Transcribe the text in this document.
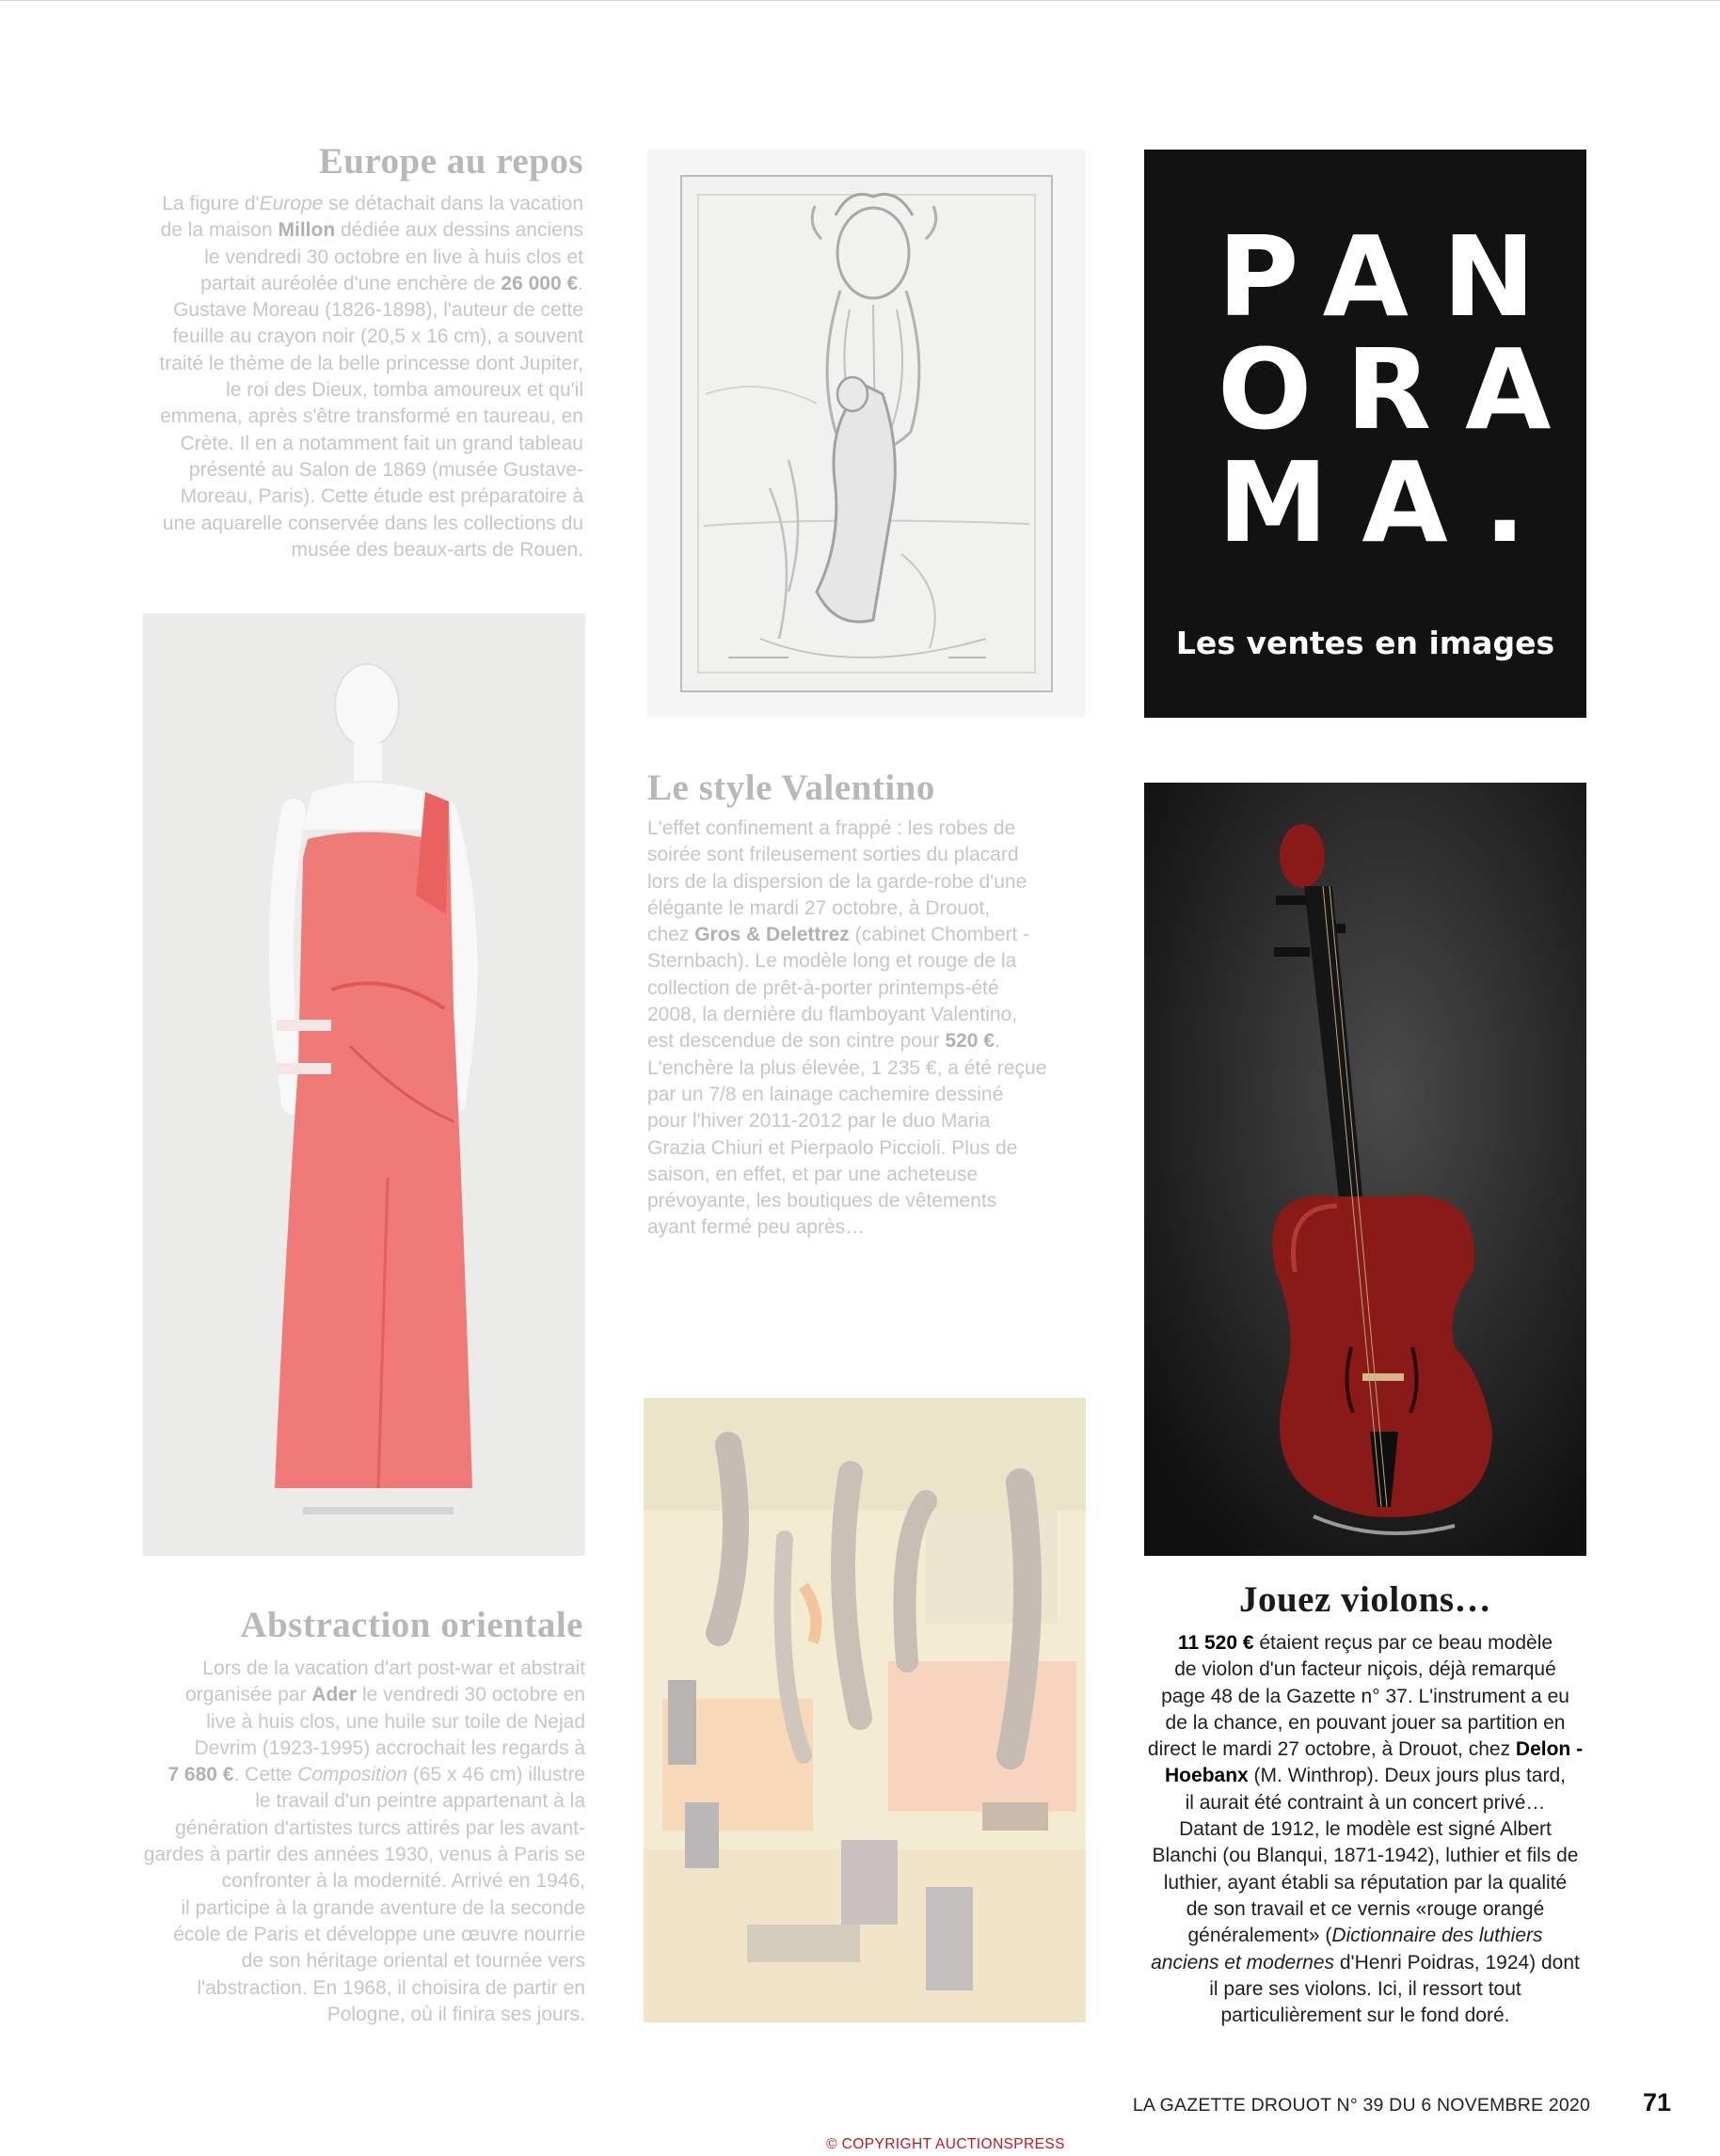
Europe au repos
La figure d'Europe se détachait dans la vacation
de la maison Millon dédiée aux dessins anciens
le vendredi 30 octobre en live à huis clos et
partait auréolée d'une enchère de 26 000 €.
Gustave Moreau (1826-1898), l'auteur de cette
feuille au crayon noir (20,5 x 16 cm), a souvent
traité le thème de la belle princesse dont Jupiter,
le roi des Dieux, tomba amoureux et qu'il
emmena, après s'être transformé en taureau, en
Crète. Il en a notamment fait un grand tableau
présenté au Salon de 1869 (musée Gustave-
Moreau, Paris). Cette étude est préparatoire à
une aquarelle conservée dans les collections du
musée des beaux-arts de Rouen.
PAN
ORA
MA.
Les ventes en images
Le style Valentino
L'effet confinement a frappé : les robes de
soirée sont frileusement sorties du placard
lors de la dispersion de la garde-robe d'une
élégante le mardi 27 octobre, à Drouot,
chez Gros & Delettrez (cabinet Chombert -
Sternbach). Le modèle long et rouge de la
collection de prêt-à-porter printemps-été
2008, la dernière du flamboyant Valentino,
est descendue de son cintre pour 520 €.
L'enchère la plus élevée, 1 235 €, a été reçue
par un 7/8 en lainage cachemire dessiné
pour l'hiver 2011-2012 par le duo Maria
Grazia Chiuri et Pierpaolo Piccioli. Plus de
saison, en effet, et par une acheteuse
prévoyante, les boutiques de vêtements
ayant fermé peu après…
Abstraction orientale
Lors de la vacation d'art post-war et abstrait
organisée par Ader le vendredi 30 octobre en
live à huis clos, une huile sur toile de Nejad
Devrim (1923-1995) accrochait les regards à
7 680 €. Cette Composition (65 x 46 cm) illustre
le travail d'un peintre appartenant à la
génération d'artistes turcs attirés par les avant-
gardes à partir des années 1930, venus à Paris se
confronter à la modernité. Arrivé en 1946,
il participe à la grande aventure de la seconde
école de Paris et développe une œuvre nourrie
de son héritage oriental et tournée vers
l'abstraction. En 1968, il choisira de partir en
Pologne, où il finira ses jours.
Jouez violons…
11 520 € étaient reçus par ce beau modèle
de violon d'un facteur niçois, déjà remarqué
page 48 de la Gazette n° 37. L'instrument a eu
de la chance, en pouvant jouer sa partition en
direct le mardi 27 octobre, à Drouot, chez Delon -
Hoebanx (M. Winthrop). Deux jours plus tard,
il aurait été contraint à un concert privé…
Datant de 1912, le modèle est signé Albert
Blanchi (ou Blanqui, 1871-1942), luthier et fils de
luthier, ayant établi sa réputation par la qualité
de son travail et ce vernis «rouge orangé
généralement» (Dictionnaire des luthiers
anciens et modernes d'Henri Poidras, 1924) dont
il pare ses violons. Ici, il ressort tout
particulièrement sur le fond doré.
LA GAZETTE DROUOT N° 39 DU 6 NOVEMBRE 2020 71
© COPYRIGHT AUCTIONSPRESS
